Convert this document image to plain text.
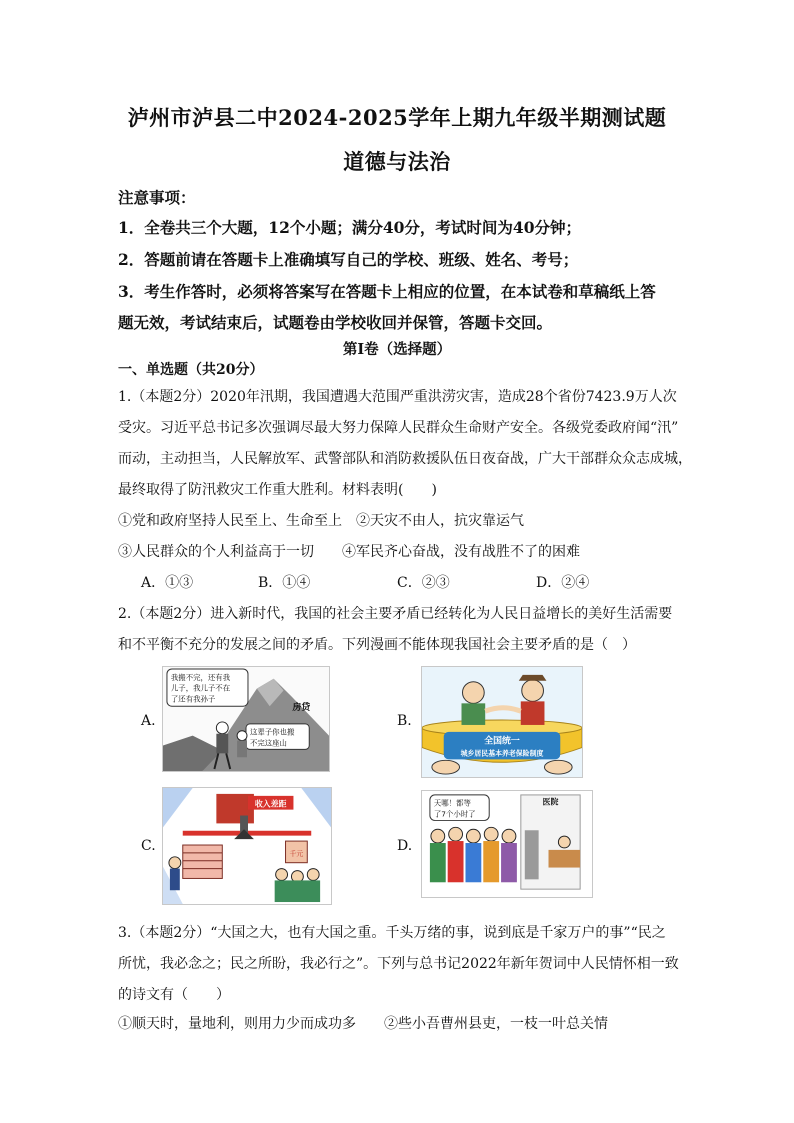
泸州市泸县二中2024-2025学年上期九年级半期测试题
道德与法治
注意事项：
1．全卷共三个大题，12个小题；满分40分，考试时间为40分钟；
2．答题前请在答题卡上准确填写自己的学校、班级、姓名、考号；
3．考生作答时，必须将答案写在答题卡上相应的位置，在本试卷和草稿纸上答
题无效，考试结束后，试题卷由学校收回并保管，答题卡交回。
第Ⅰ卷（选择题）
一、单选题（共20分）
1.（本题2分）2020年汛期，我国遭遇大范围严重洪涝灾害，造成28个省份7423.9万人次
受灾。习近平总书记多次强调尽最大努力保障人民群众生命财产安全。各级党委政府闻“汛”
而动，主动担当，人民解放军、武警部队和消防救援队伍日夜奋战，广大干部群众众志成城，
最终取得了防汛救灾工作重大胜利。材料表明(　　)
①党和政府坚持人民至上、生命至上　②天灾不由人，抗灾靠运气
③人民群众的个人利益高于一切　　④军民齐心奋战，没有战胜不了的困难
A．①③	B．①④	C．②③	D．②④
2.（本题2分）进入新时代，我国的社会主要矛盾已经转化为人民日益增长的美好生活需要
和不平衡不充分的发展之间的矛盾。下列漫画不能体现我国社会主要矛盾的是（　）
A.	B.
C.	D.
我搬不完，还有我
儿子，我儿子不在
了还有我孙子
房贷
这辈子你也搬
不完这座山	全国统一
城乡居民基本养老保险制度
收入差距
千元
医院
天哪！都等
了7个小时了
3.（本题2分）“大国之大，也有大国之重。千头万绪的事，说到底是千家万户的事”“民之
所忧，我必念之；民之所盼，我必行之”。下列与总书记2022年新年贺词中人民情怀相一致
的诗文有（　　）
①顺天时，量地利，则用力少而成功多　　②些小吾曹州县吏，一枝一叶总关情
